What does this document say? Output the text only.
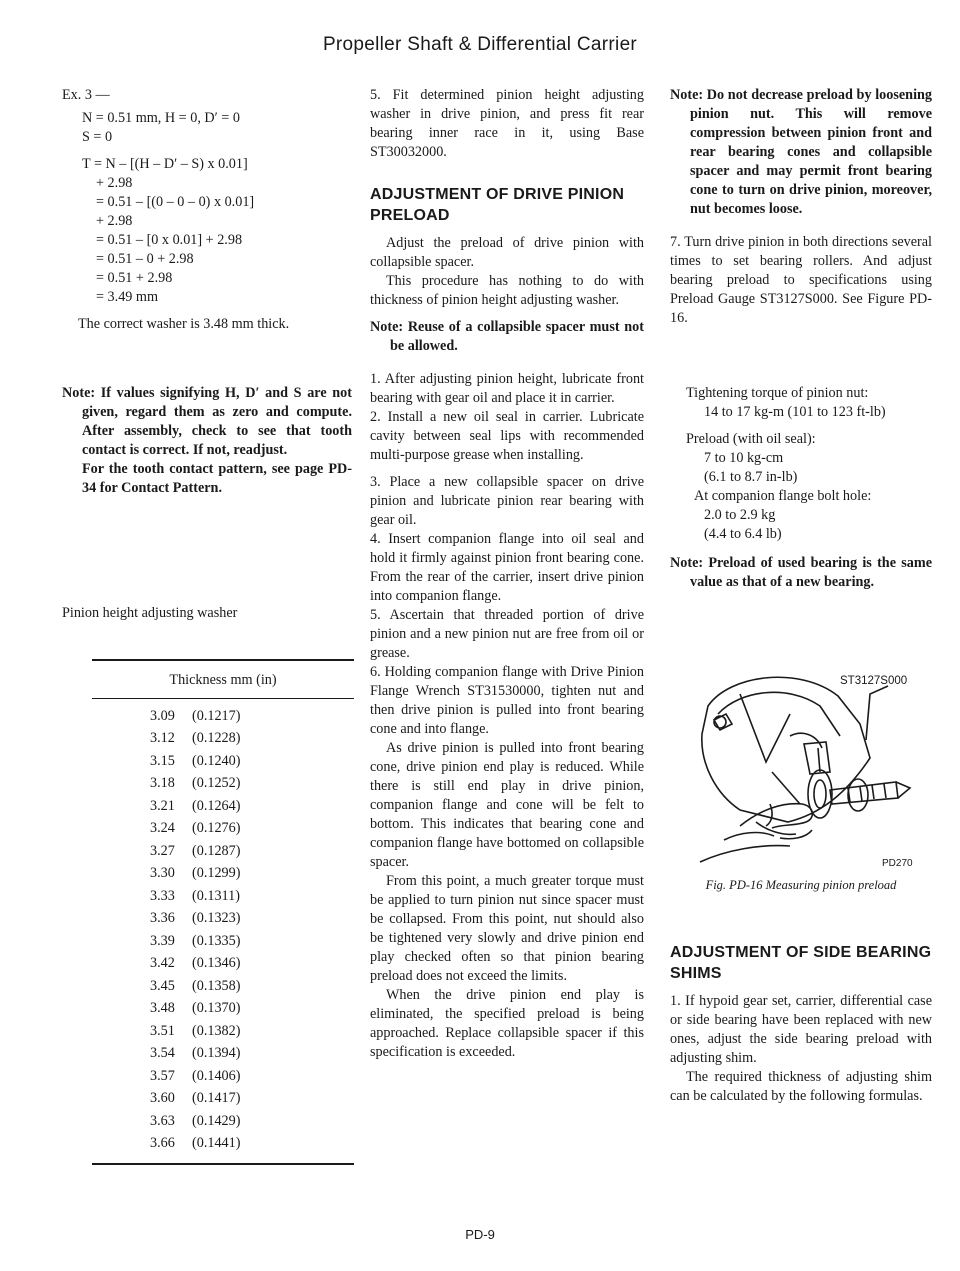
Propeller Shaft & Differential Carrier

Ex. 3 —

N = 0.51 mm, H = 0, D′ = 0

S = 0

T = N – [(H – D′ – S) x 0.01]

+ 2.98

= 0.51 – [(0 – 0 – 0) x 0.01]

+ 2.98

= 0.51 – [0 x 0.01] + 2.98

= 0.51 – 0 + 2.98

= 0.51 + 2.98

= 3.49 mm

The correct washer is 3.48 mm thick.

Note: If values signifying H, D′ and S are not given, regard them as zero and compute. After assembly, check to see that tooth contact is correct. If not, readjust.

For the tooth contact pattern, see page PD-34 for Contact Pattern.

Pinion height adjusting washer

Thickness mm (in)
3.09	(0.1217)
3.12	(0.1228)
3.15	(0.1240)
3.18	(0.1252)
3.21	(0.1264)
3.24	(0.1276)
3.27	(0.1287)
3.30	(0.1299)
3.33	(0.1311)
3.36	(0.1323)
3.39	(0.1335)
3.42	(0.1346)
3.45	(0.1358)
3.48	(0.1370)
3.51	(0.1382)
3.54	(0.1394)
3.57	(0.1406)
3.60	(0.1417)
3.63	(0.1429)
3.66	(0.1441)

5. Fit determined pinion height adjusting washer in drive pinion, and press fit rear bearing inner race in it, using Base ST30032000.

ADJUSTMENT OF DRIVE PINION PRELOAD

Adjust the preload of drive pinion with collapsible spacer.

This procedure has nothing to do with thickness of pinion height adjusting washer.

Note: Reuse of a collapsible spacer must not be allowed.

1. After adjusting pinion height, lubricate front bearing with gear oil and place it in carrier.

2. Install a new oil seal in carrier. Lubricate cavity between seal lips with recommended multi-purpose grease when installing.

3. Place a new collapsible spacer on drive pinion and lubricate pinion rear bearing with gear oil.

4. Insert companion flange into oil seal and hold it firmly against pinion front bearing cone. From the rear of the carrier, insert drive pinion into companion flange.

5. Ascertain that threaded portion of drive pinion and a new pinion nut are free from oil or grease.

6. Holding companion flange with Drive Pinion Flange Wrench ST31530000, tighten nut and then drive pinion is pulled into front bearing cone and into flange.

As drive pinion is pulled into front bearing cone, drive pinion end play is reduced. While there is still end play in drive pinion, companion flange and cone will be felt to bottom. This indicates that bearing cone and companion flange have bottomed on collapsible spacer.

From this point, a much greater torque must be applied to turn pinion nut since spacer must be collapsed. From this point, nut should also be tightened very slowly and drive pinion end play checked often so that pinion bearing preload does not exceed the limits.

When the drive pinion end play is eliminated, the specified preload is being approached. Replace collapsible spacer if this specification is exceeded.

Note: Do not decrease preload by loosening pinion nut. This will remove compression between pinion front and rear bearing cones and collapsible spacer and may permit front bearing cone to turn on drive pinion, moreover, nut becomes loose.

7. Turn drive pinion in both directions several times to set bearing rollers. And adjust bearing preload to specifications using Preload Gauge ST3127S000. See Figure PD-16.

Tightening torque of pinion nut:

14 to 17 kg-m (101 to 123 ft-lb)

Preload (with oil seal):

7 to 10 kg-cm

(6.1 to 8.7 in-lb)

At companion flange bolt hole:

2.0 to 2.9 kg

(4.4 to 6.4 lb)

Note: Preload of used bearing is the same value as that of a new bearing.

ST3127S000
PD270

Fig. PD-16 Measuring pinion preload

ADJUSTMENT OF SIDE BEARING SHIMS

1. If hypoid gear set, carrier, differential case or side bearing have been replaced with new ones, adjust the side bearing preload with adjusting shim.

The required thickness of adjusting shim can be calculated by the following formulas.

PD-9
